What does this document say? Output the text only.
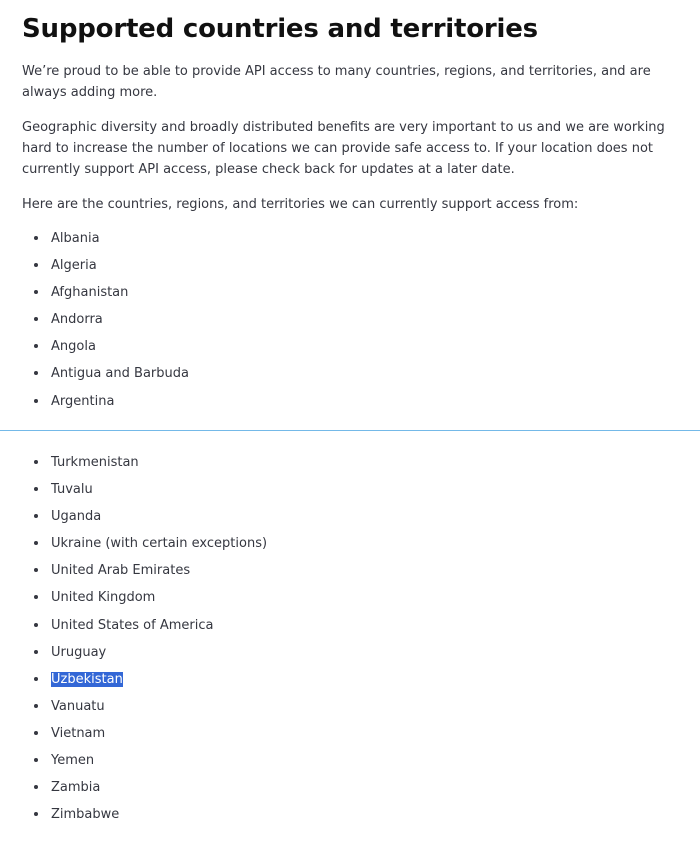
Supported countries and territories

We’re proud to be able to provide API access to many countries, regions, and territories, and are always adding more.

Geographic diversity and broadly distributed benefits are very important to us and we are working hard to increase the number of locations we can provide safe access to. If your location does not currently support API access, please check back for updates at a later date.

Here are the countries, regions, and territories we can currently support access from:

Albania
Algeria
Afghanistan
Andorra
Angola
Antigua and Barbuda
Argentina
Turkmenistan
Tuvalu
Uganda
Ukraine (with certain exceptions)
United Arab Emirates
United Kingdom
United States of America
Uruguay
Uzbekistan
Vanuatu
Vietnam
Yemen
Zambia
Zimbabwe
